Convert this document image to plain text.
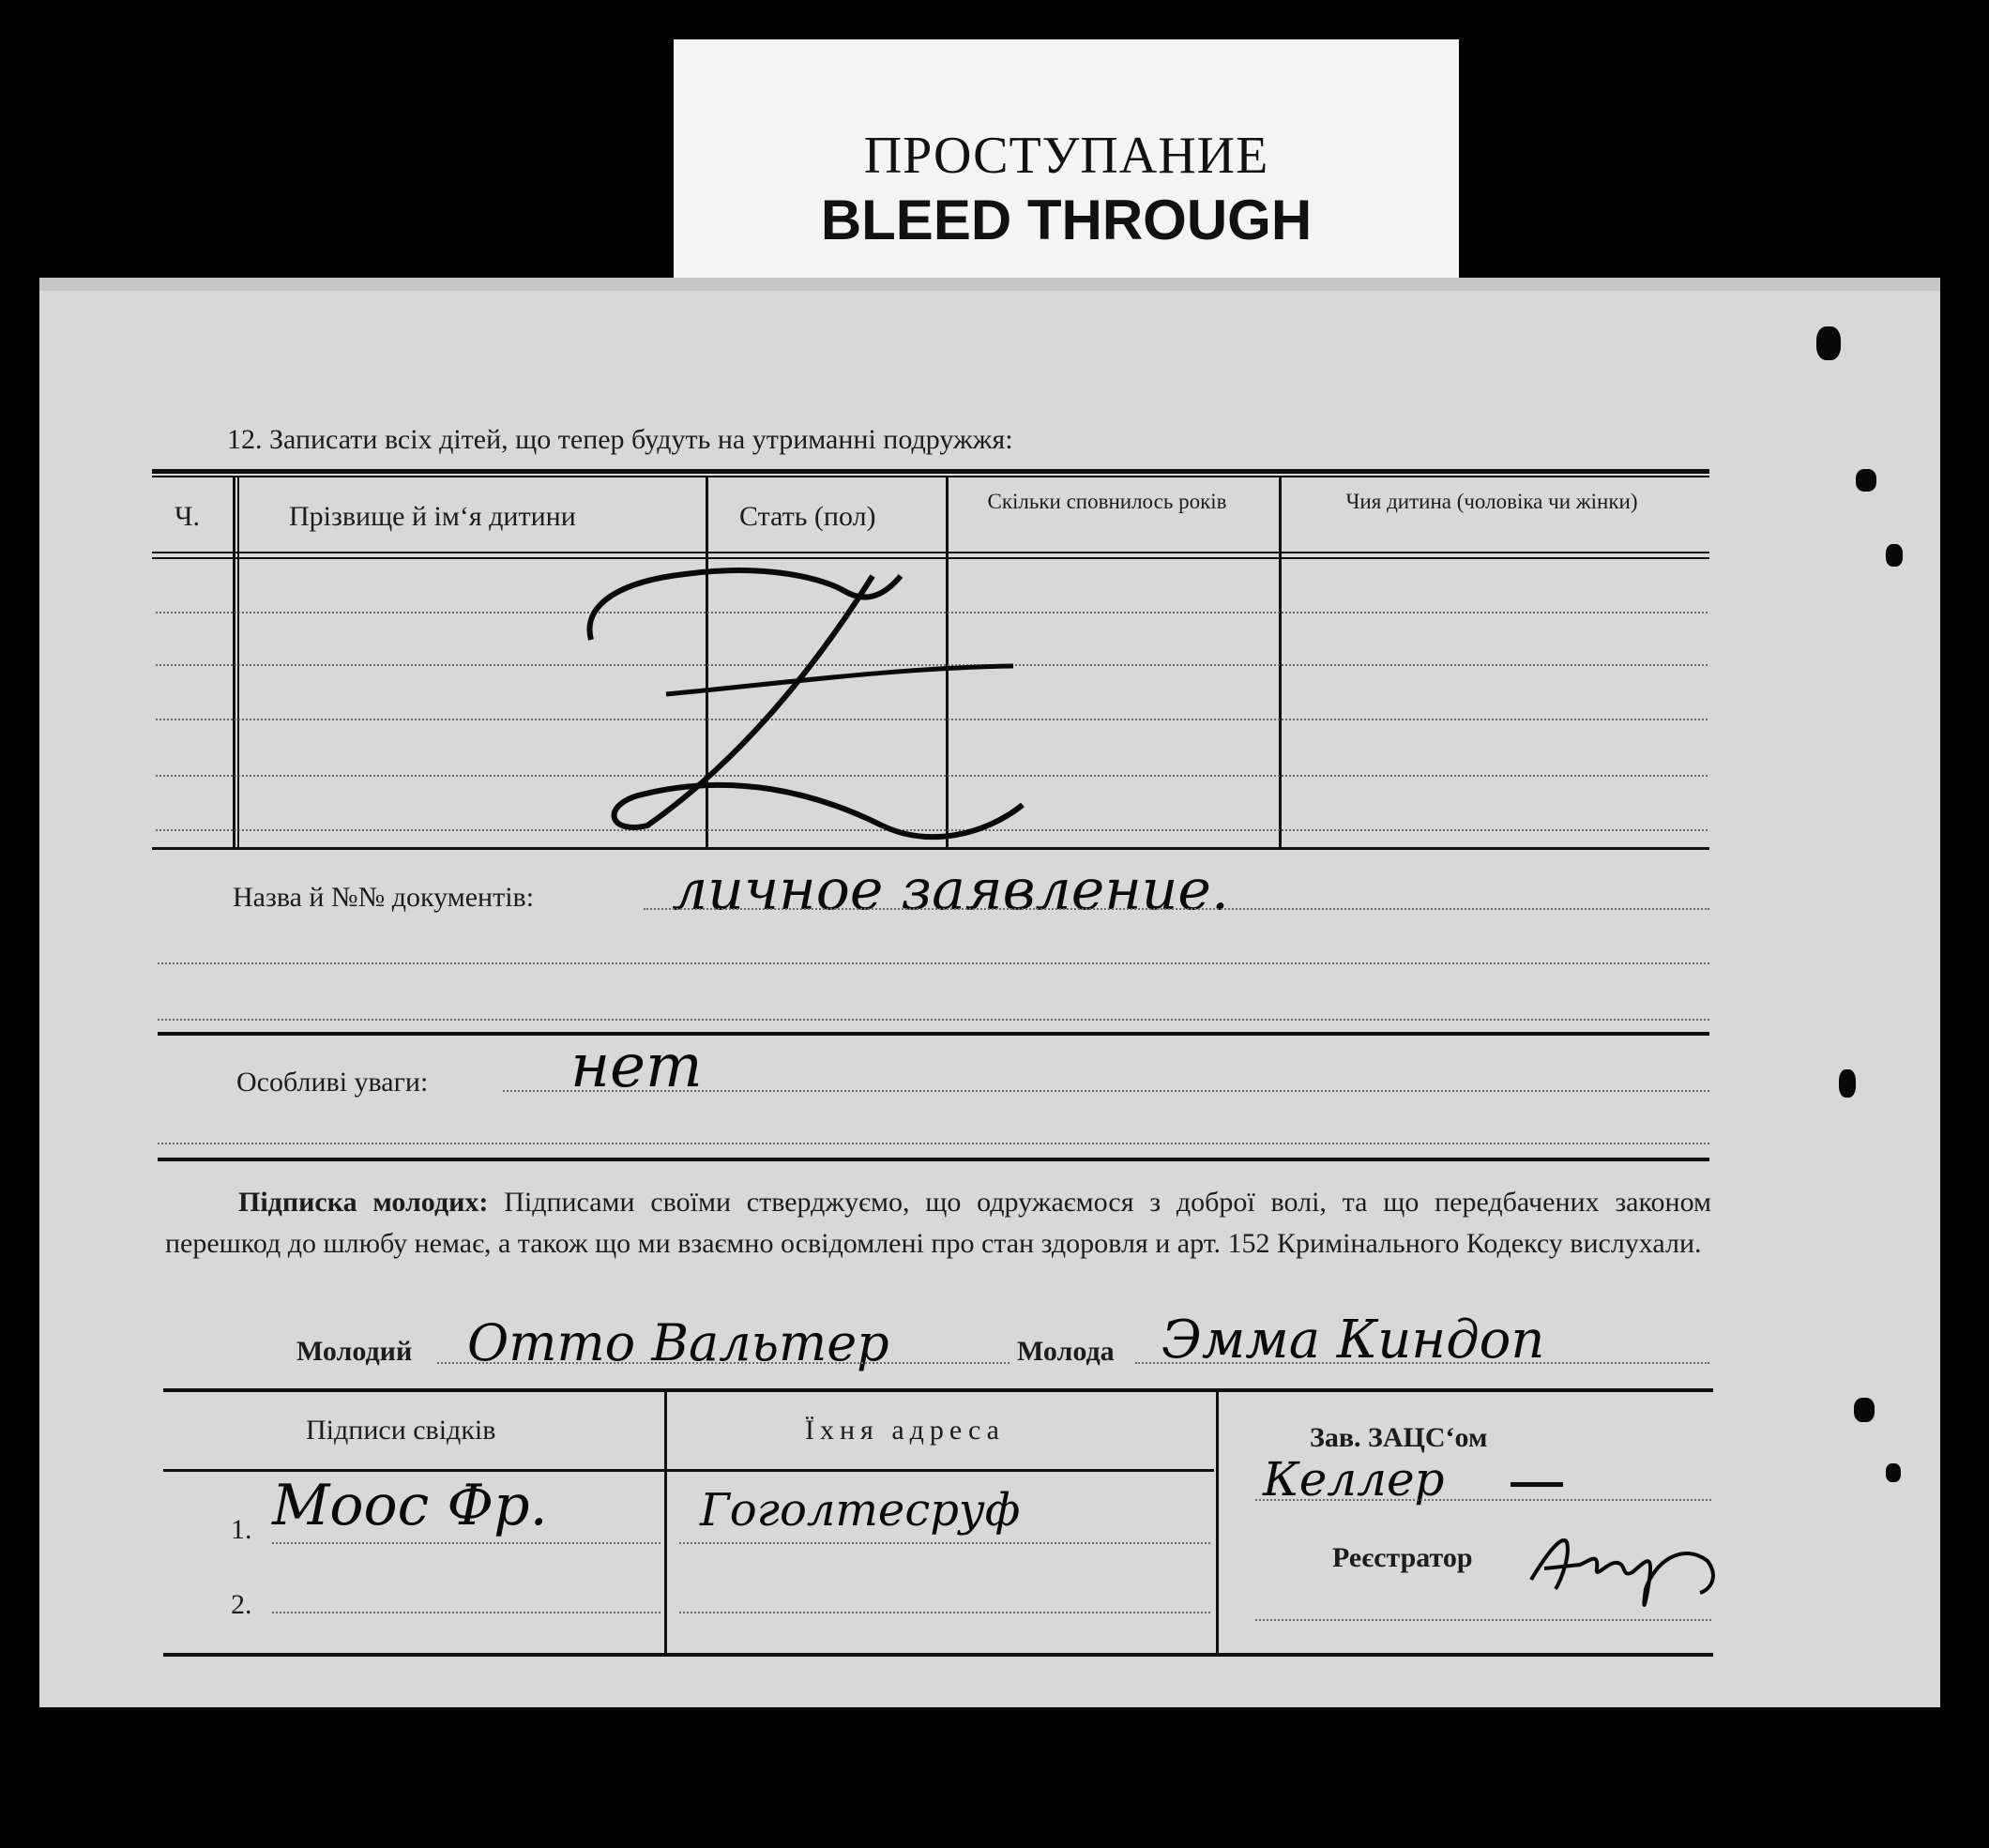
ПРОСТУПАНИЕ
BLEED THROUGH
12. Записати всіх дітей, що тепер будуть на утриманні подружжя:
Ч.	Прізвище й ім‘я дитини	Стать (пол)	Скільки сповнилось років	Чия дитина (чоловіка чи жінки)
Назва й №№ документів: личное заявление.
Особливі уваги: нет
Підписка молодих: Підписами своїми стверджуємо, що одружаємося з доброї волі, та що передбачених законом перешкод до шлюбу немає, а також що ми взаємно освідомлені про стан здоровля и арт. 152 Кримінального Кодексу вислухали.
Молодий Отто Вальтер	Молода Эмма Киндоп
Підписи свідків	Їхня адреса
1. Моос Фр.	Гоголтесруф
2.
Зав. ЗАЦС‘ом
Келлер
Реєстратор
